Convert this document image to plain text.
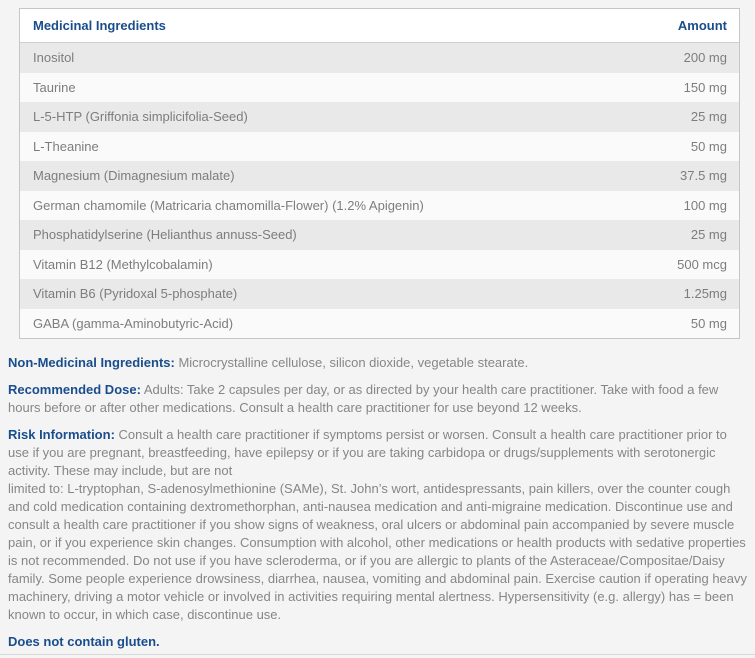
Medicinal Ingredients	Amount
Inositol	200 mg
Taurine	150 mg
L-5-HTP (Griffonia simplicifolia-Seed)	25 mg
L-Theanine	50 mg
Magnesium (Dimagnesium malate)	37.5 mg
German chamomile (Matricaria chamomilla-Flower) (1.2% Apigenin)	100 mg
Phosphatidylserine (Helianthus annuss-Seed)	25 mg
Vitamin B12 (Methylcobalamin)	500 mcg
Vitamin B6 (Pyridoxal 5-phosphate)	1.25mg
GABA (gamma-Aminobutyric-Acid)	50 mg

Non-Medicinal Ingredients: Microcrystalline cellulose, silicon dioxide, vegetable stearate.

Recommended Dose: Adults: Take 2 capsules per day, or as directed by your health care practitioner. Take with food a few hours before or after other medications. Consult a health care practitioner for use beyond 12 weeks.

Risk Information: Consult a health care practitioner if symptoms persist or worsen. Consult a health care practitioner prior to use if you are pregnant, breastfeeding, have epilepsy or if you are taking carbidopa or drugs/supplements with serotonergic activity. These may include, but are not
limited to: L-tryptophan, S-adenosylmethionine (SAMe), St. John’s wort, antidespressants, pain killers, over the counter cough and cold medication containing dextromethorphan, anti-nausea medication and anti-migraine medication. Discontinue use and consult a health care practitioner if you show signs of weakness, oral ulcers or abdominal pain accompanied by severe muscle pain, or if you experience skin changes. Consumption with alcohol, other medications or health products with sedative properties is not recommended. Do not use if you have scleroderma, or if you are allergic to plants of the Asteraceae/Compositae/Daisy family. Some people experience drowsiness, diarrhea, nausea, vomiting and abdominal pain. Exercise caution if operating heavy machinery, driving a motor vehicle or involved in activities requiring mental alertness. Hypersensitivity (e.g. allergy) has = been known to occur, in which case, discontinue use.

Does not contain gluten.
